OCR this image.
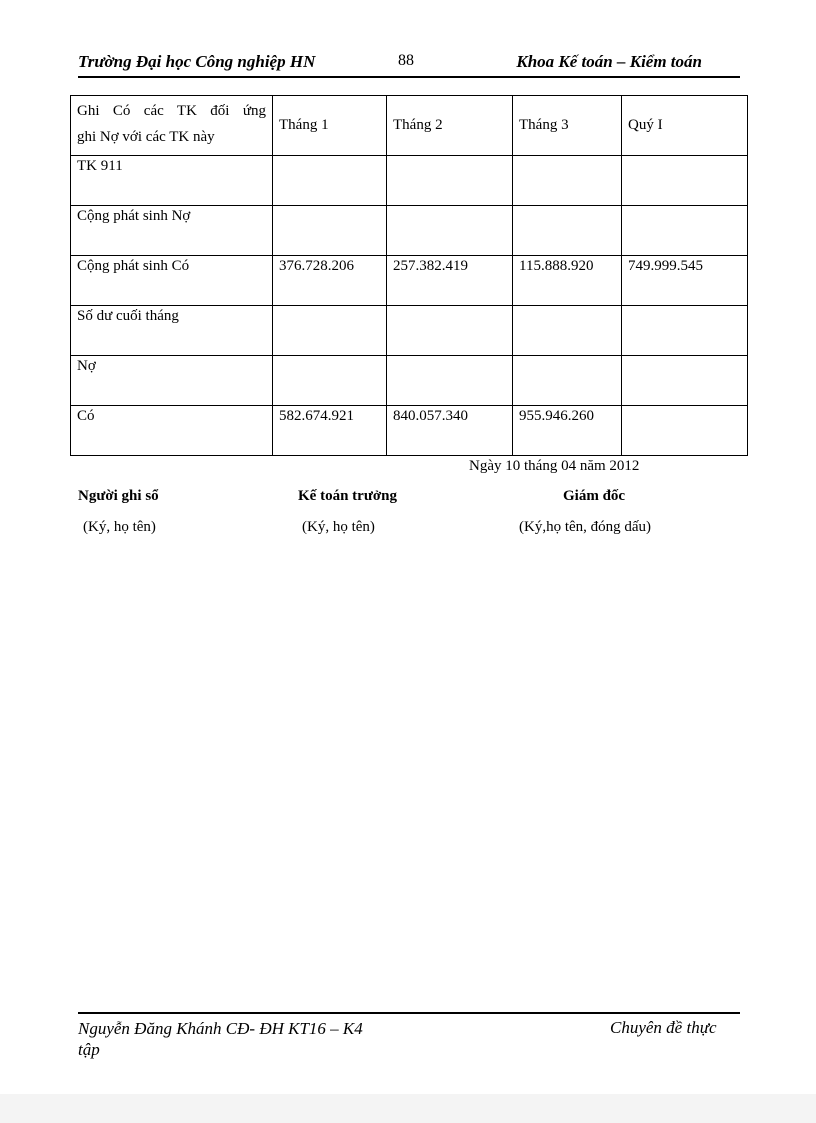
Trường Đại học Công nghiệp HN	88	Khoa Kế toán – Kiểm toán
Ghi Có các TK đối ứng
ghi Nợ với các TK này	Tháng 1	Tháng 2	Tháng 3	Quý I
TK 911				
Cộng phát sinh Nợ				
Cộng phát sinh Có	376.728.206	257.382.419	115.888.920	749.999.545
Số dư cuối tháng				
Nợ				
Có	582.674.921	840.057.340	955.946.260	
Ngày 10 tháng 04 năm 2012
Người ghi sổ
(Ký, họ tên)
Kế toán trưởng
(Ký, họ tên)
Giám đốc
(Ký,họ tên, đóng dấu)
Nguyễn Đăng Khánh CĐ- ĐH KT16 – K4
tập
Chuyên đề thực
